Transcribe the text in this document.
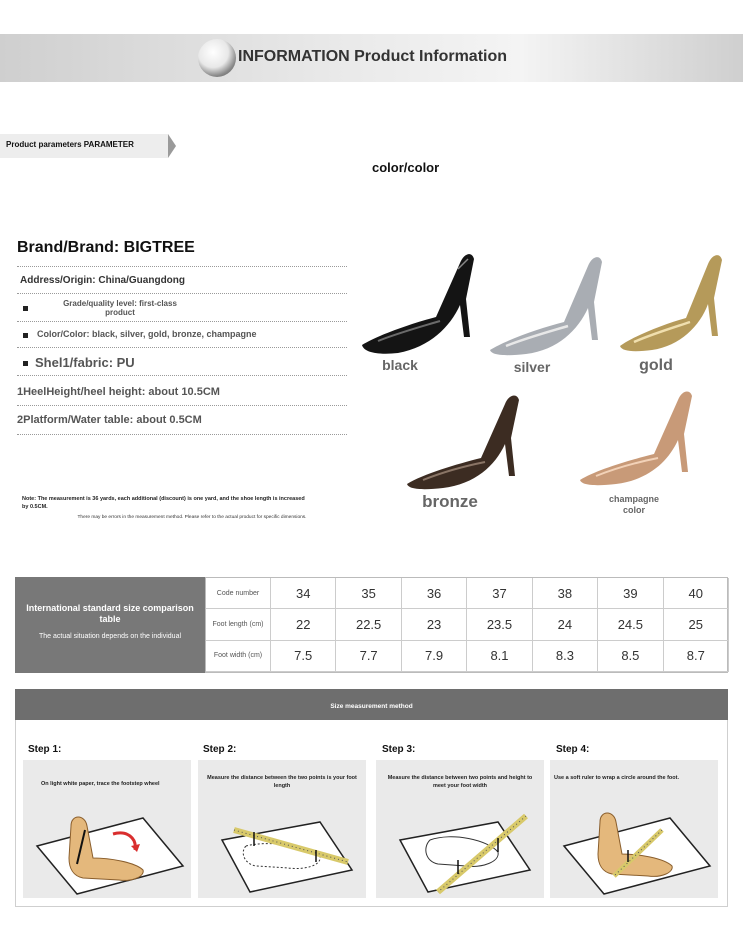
INFORMATION Product Information
Product parameters PARAMETER
color/color
Brand/Brand: BIGTREE
Address/Origin: China/Guangdong
Grade/quality level: first-class product
Color/Color: black, silver, gold, bronze, champagne
Shel1/fabric: PU
1HeelHeight/heel height: about 10.5CM
2Platform/Water table: about 0.5CM
Note: The measurement is 36 yards, each additional (discount) is one yard, and the shoe length is increased by 0.5CM.
There may be errors in the measurement method. Please refer to the actual product for specific dimensions.
black	silver	gold
bronze	champagne color
International standard size comparison table
The actual situation depends on the individual
Code number	34	35	36	37	38	39	40
Foot length (cm)	22	22.5	23	23.5	24	24.5	25
Foot width (cm)	7.5	7.7	7.9	8.1	8.3	8.5	8.7
Size measurement method
Step 1:	Step 2:	Step 3:	Step 4:
On light white paper, trace the footstep wheel
Measure the distance between the two points is your foot length
Measure the distance between two points and height to meet your foot width
Use a soft ruler to wrap a circle around the foot.
